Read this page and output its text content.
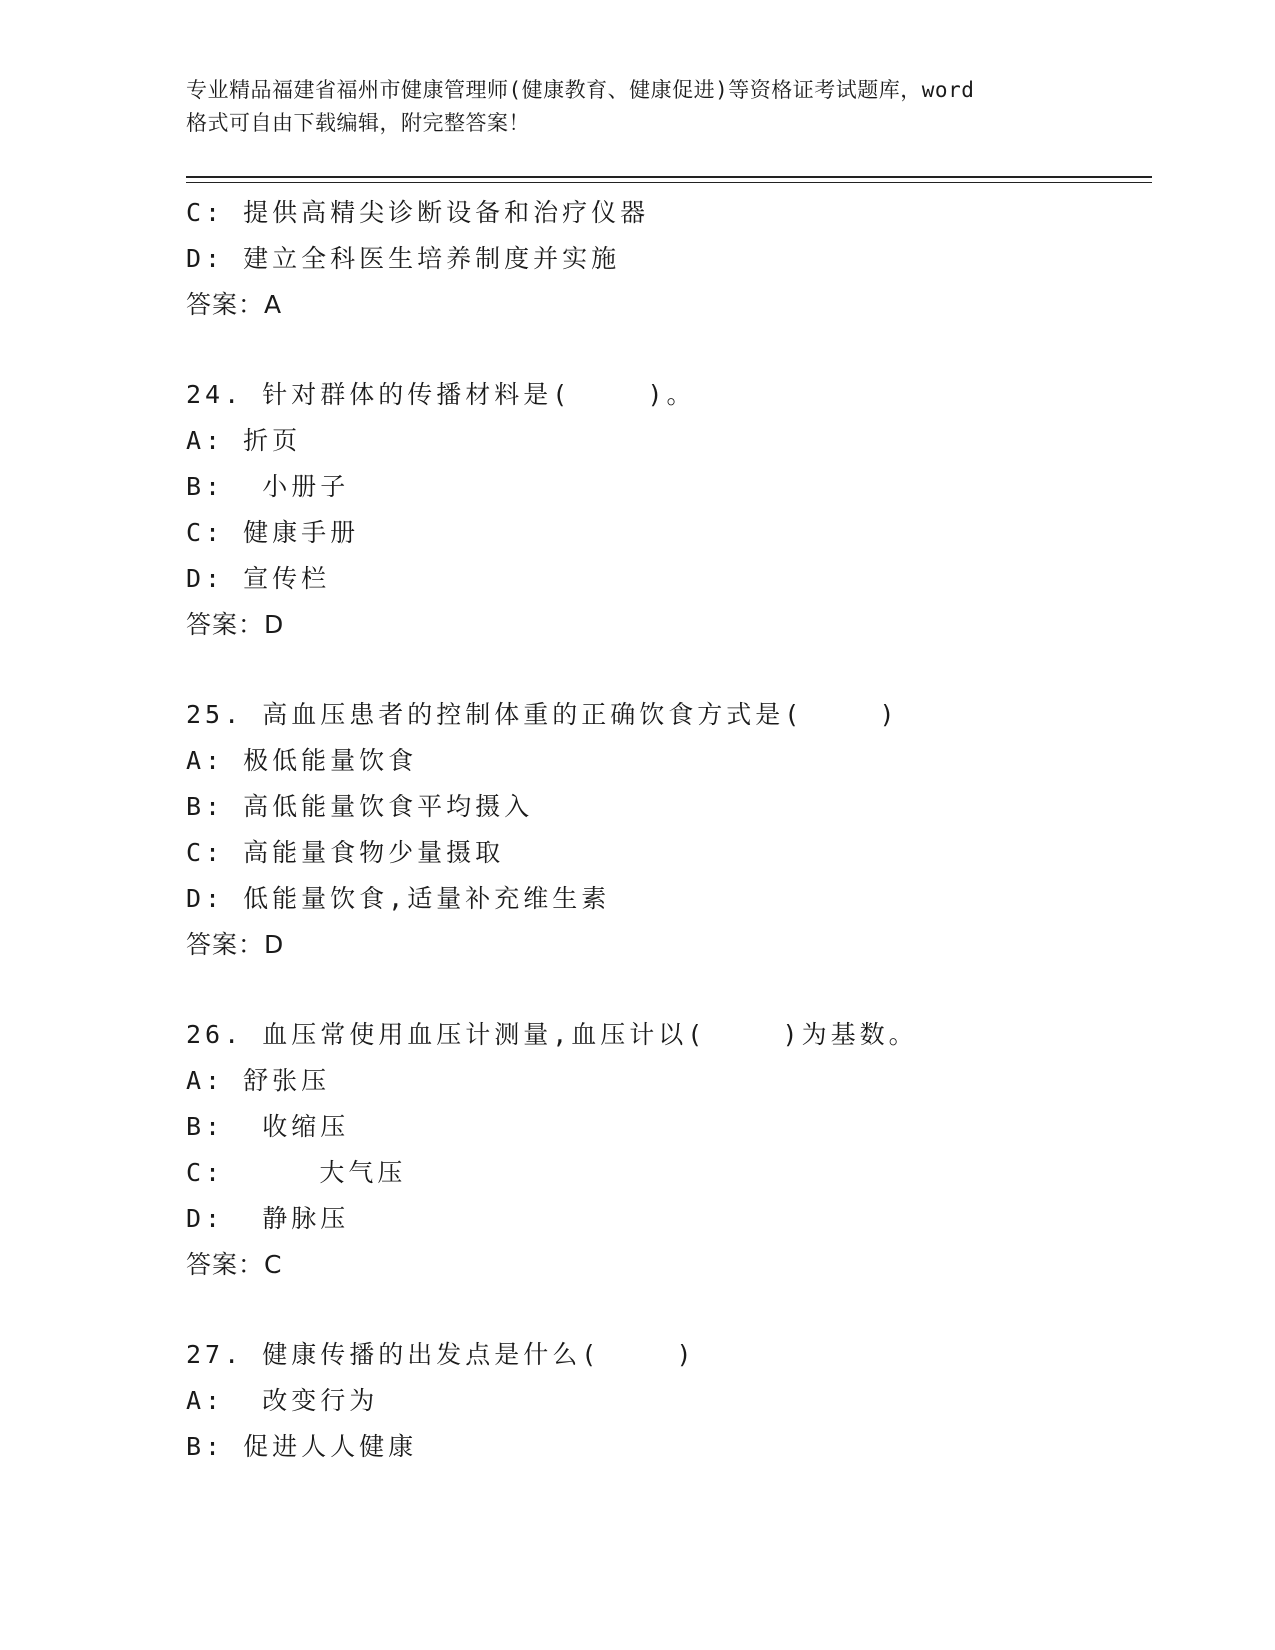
专业精品福建省福州市健康管理师(健康教育、健康促进)等资格证考试题库，word
格式可自由下载编辑，附完整答案！
C: 提供高精尖诊断设备和治疗仪器
D: 建立全科医生培养制度并实施
答案：A
24. 针对群体的传播材料是(    )。
A: 折页
B:  小册子
C: 健康手册
D: 宣传栏
答案：D
25. 高血压患者的控制体重的正确饮食方式是(    )
A: 极低能量饮食
B: 高低能量饮食平均摄入
C: 高能量食物少量摄取
D: 低能量饮食,适量补充维生素
答案：D
26. 血压常使用血压计测量,血压计以(    )为基数。
A: 舒张压
B:  收缩压
C:     大气压
D:  静脉压
答案：C
27. 健康传播的出发点是什么(    )
A:  改变行为
B: 促进人人健康
